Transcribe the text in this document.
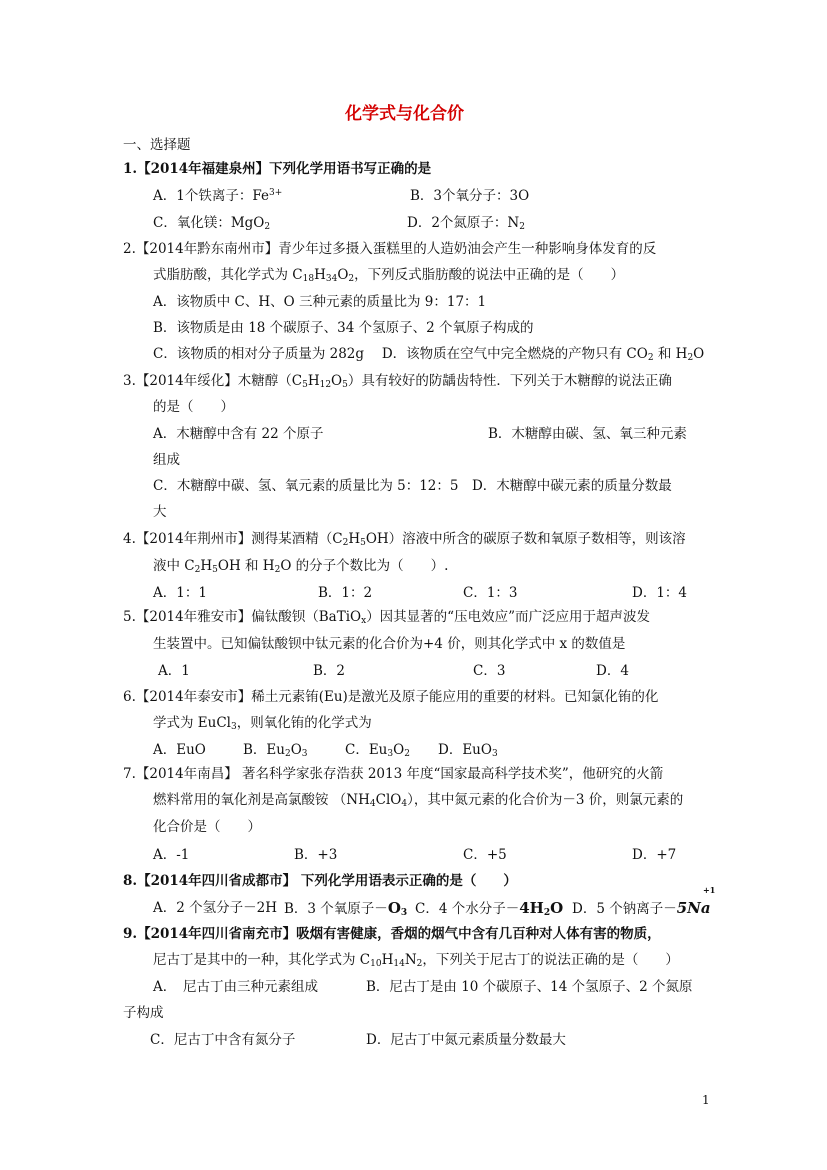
化学式与化合价
一、选择题
1.【2014年福建泉州】下列化学用语书写正确的是
A．1个铁离子：$Fe^{3+}$	B．3个氧分子：3O
C．氧化镁：MgO$_2$	D．2个氮原子：$N_2$
2.【2014年黔东南州市】青少年过多摄入蛋糕里的人造奶油会产生一种影响身体发育的反
式脂肪酸，其化学式为 $C_{18}H_{34}O_2$，下列反式脂肪酸的说法中正确的是（　　）
A．该物质中 C、H、O 三种元素的质量比为 9：17：1
B．该物质是由 18 个碳原子、34 个氢原子、2 个氧原子构成的
C．该物质的相对分子质量为 282g　 D．该物质在空气中完全燃烧的产物只有 $CO_2$ 和 $H_2O$
3.【2014年绥化】木糖醇$(C_5H_{12}O_5)$具有较好的防龋齿特性．下列关于木糖醇的说法正确
的是（　　）
A．木糖醇中含有 22 个原子	B．木糖醇由碳、氢、氧三种元素
组成
C．木糖醇中碳、氢、氧元素的质量比为 5：12：5　D．木糖醇中碳元素的质量分数最
大
4.【2014年荆州市】测得某酒精$(C_2H_5OH)$溶液中所含的碳原子数和氧原子数相等，则该溶
液中 $C_2H_5OH$ 和 $H_2O$ 的分子个数比为（　　）.
A．1：1	B．1：2	C．1：3	D．1：4
5.【2014年雅安市】偏钛酸钡（BaTiO$_x$）因其显著的“压电效应”而广泛应用于超声波发
生装置中。已知偏钛酸钡中钛元素的化合价为+4 价，则其化学式中 x 的数值是
A．1	B．2	C．3	D．4
6.【2014年泰安市】稀土元素铕(Eu)是激光及原子能应用的重要的材料。已知氯化铕的化
学式为 EuCl$_3$，则氧化铕的化学式为
A．EuO	B．$Eu_2O_3$	C．$Eu_3O_2$ D．EuO$_3$
7.【2014年南昌】 著名科学家张存浩获 2013 年度“国家最高科学技术奖”，他研究的火箭
燃料常用的氧化剂是高氯酸铵 $(NH_4ClO_4)$，其中氮元素的化合价为－3 价，则氯元素的
化合价是（　　）
A．-1	B．+3	C．+5	D．+7
8.【2014年四川省成都市】 下列化学用语表示正确的是（　　）
A．2 个氢分子－2H B．3 个氧原子$-O_3$ C．4 个水分子$-4H_2O$ D．5 个钠离子－5Na
+1
9.【2014年四川省南充市】吸烟有害健康，香烟的烟气中含有几百种对人体有害的物质，
尼古丁是其中的一种，其化学式为 $C_{10}H_{14}N_2$，下列关于尼古丁的说法正确的是（　　）
A．　尼古丁由三种元素组成	B．尼古丁是由 10 个碳原子、14 个氢原子、2 个氮原
子构成
C．尼古丁中含有氮分子	D．尼古丁中氮元素质量分数最大
1
